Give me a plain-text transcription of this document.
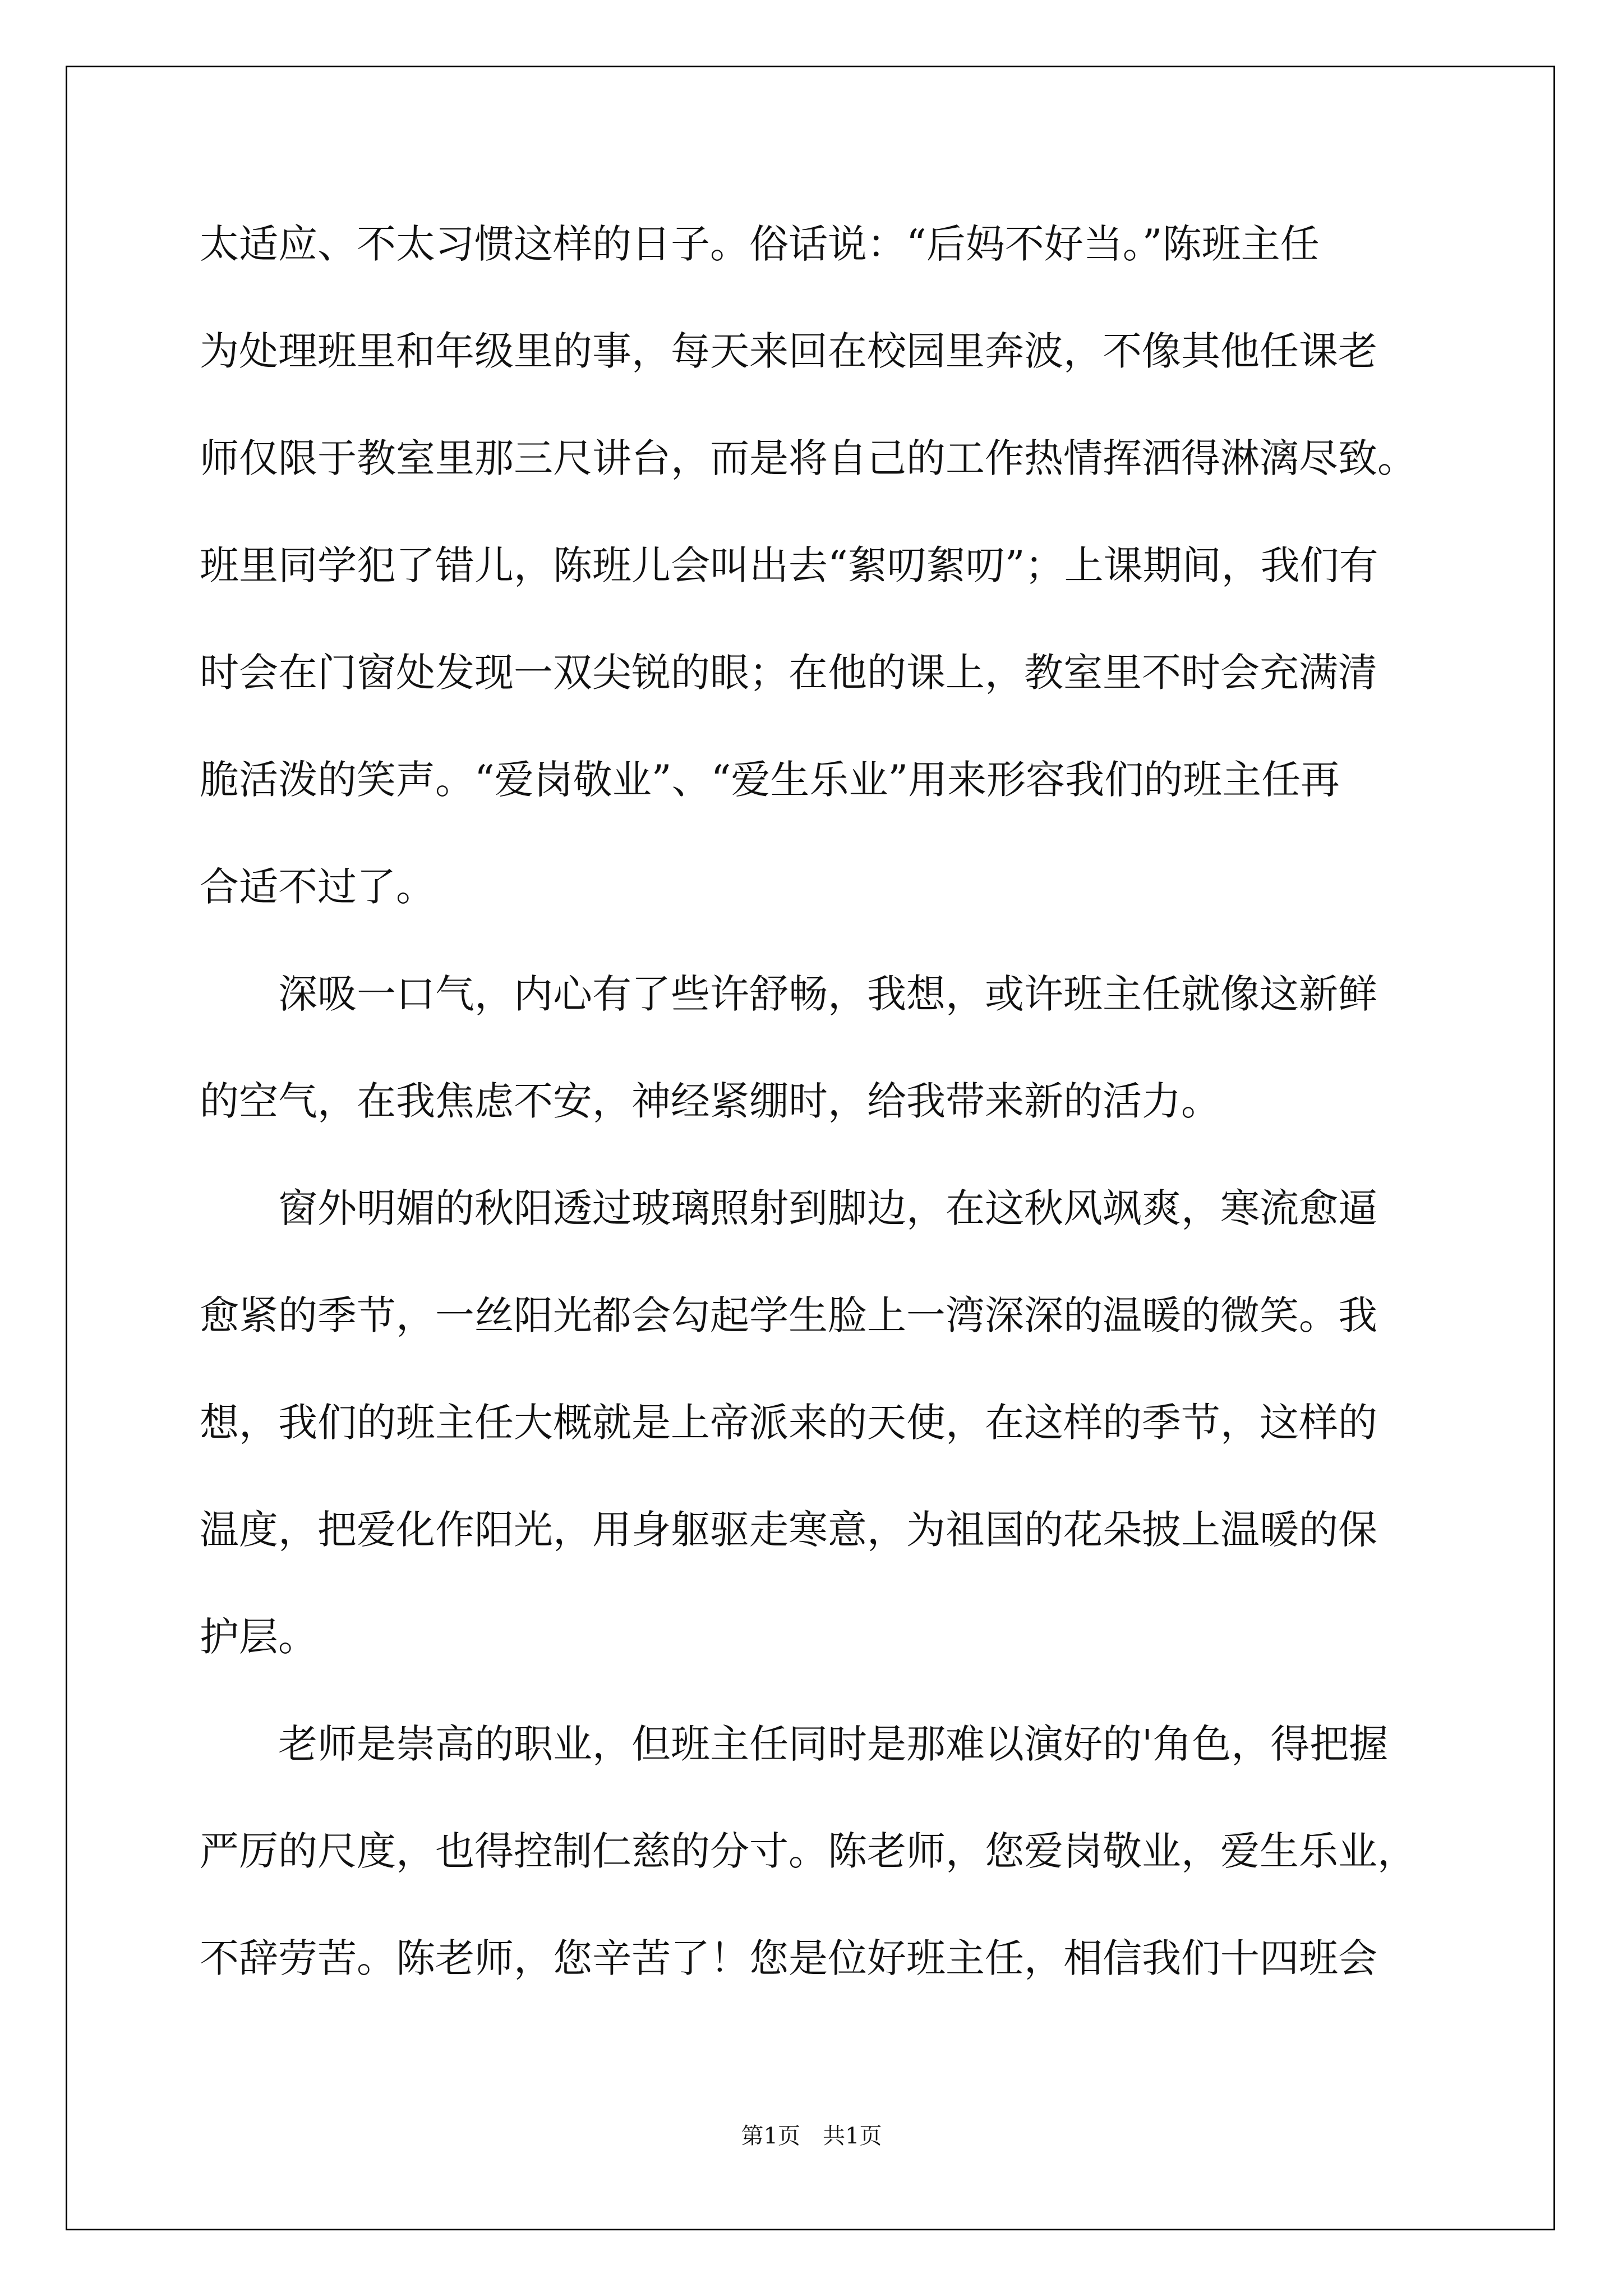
太适应、不太习惯这样的日子。俗话说：“后妈不好当。”陈班主任
为处理班里和年级里的事，每天来回在校园里奔波，不像其他任课老
师仅限于教室里那三尺讲台，而是将自己的工作热情挥洒得淋漓尽致。
班里同学犯了错儿，陈班儿会叫出去“絮叨絮叨”；上课期间，我们有
时会在门窗处发现一双尖锐的眼；在他的课上，教室里不时会充满清
脆活泼的笑声。“爱岗敬业”、“爱生乐业”用来形容我们的班主任再
合适不过了。
深吸一口气，内心有了些许舒畅，我想，或许班主任就像这新鲜
的空气，在我焦虑不安，神经紧绷时，给我带来新的活力。
窗外明媚的秋阳透过玻璃照射到脚边，在这秋风飒爽，寒流愈逼
愈紧的季节，一丝阳光都会勾起学生脸上一湾深深的温暖的微笑。我
想，我们的班主任大概就是上帝派来的天使，在这样的季节，这样的
温度，把爱化作阳光，用身躯驱走寒意，为祖国的花朵披上温暖的保
护层。
老师是崇高的职业，但班主任同时是那难以演好的'角色，得把握
严厉的尺度，也得控制仁慈的分寸。陈老师，您爱岗敬业，爱生乐业，
不辞劳苦。陈老师，您辛苦了！您是位好班主任，相信我们十四班会
第1页　共1页
